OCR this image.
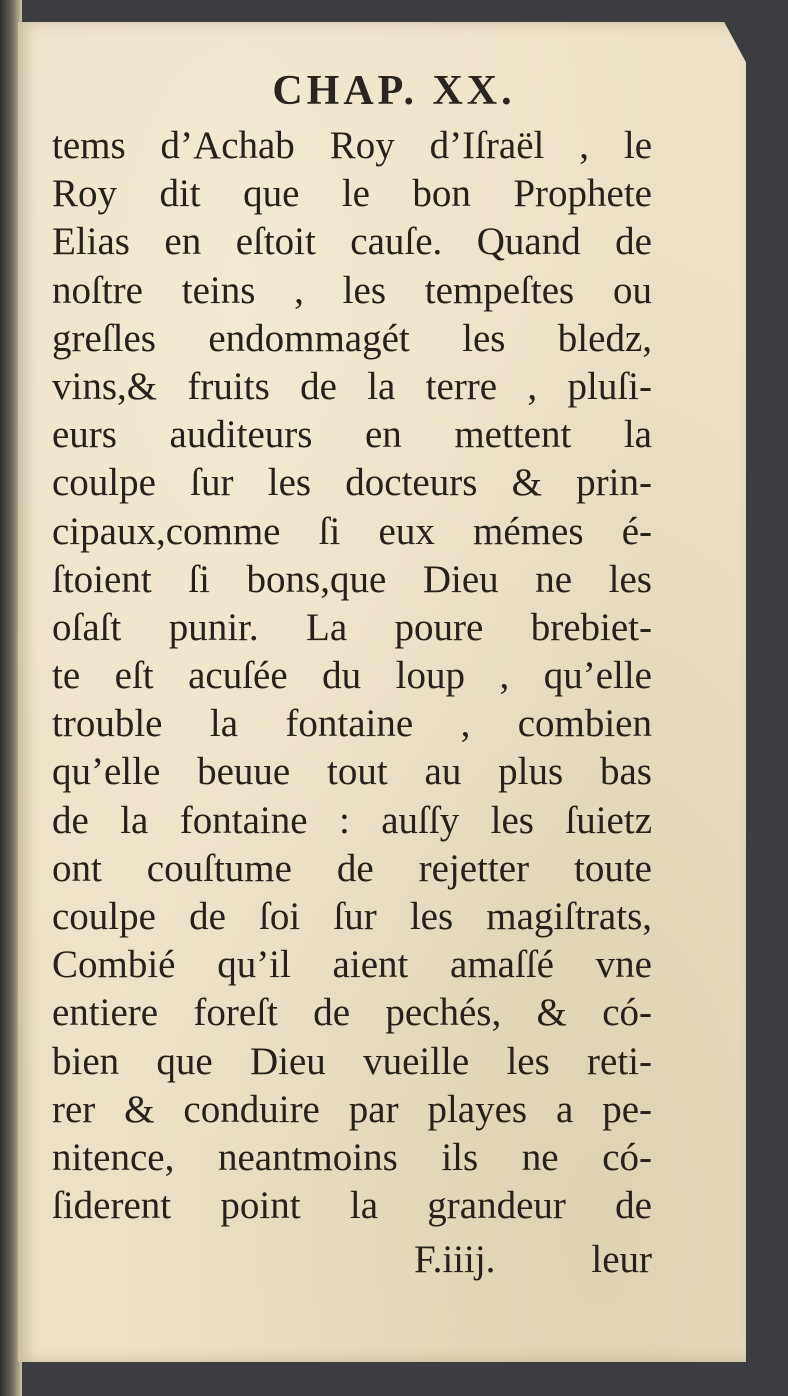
CHAP. XX.
tems d’Achab Roy d’Iſraël , le
Roy dit que le bon Prophete
Elias en eſtoit cauſe. Quand de
noſtre teins , les tempeſtes ou
greſles endommagét les bledz,
vins,& fruits de la terre , pluſi-
eurs auditeurs en mettent la
coulpe ſur les docteurs & prin-
cipaux,comme ſi eux mémes é-
ſtoient ſi bons,que Dieu ne les
oſaſt punir. La poure brebiet-
te eſt acuſée du loup , qu’elle
trouble la fontaine , combien
qu’elle beuue tout au plus bas
de la fontaine : auſſy les ſuietz
ont couſtume de rejetter toute
coulpe de ſoi ſur les magiſtrats,
Combié qu’il aient amaſſé vne
entiere foreſt de pechés, & có-
bien que Dieu vueille les reti-
rer & conduire par playes a pe-
nitence, neantmoins ils ne có-
ſiderent point la grandeur de
F.iiij. leur
